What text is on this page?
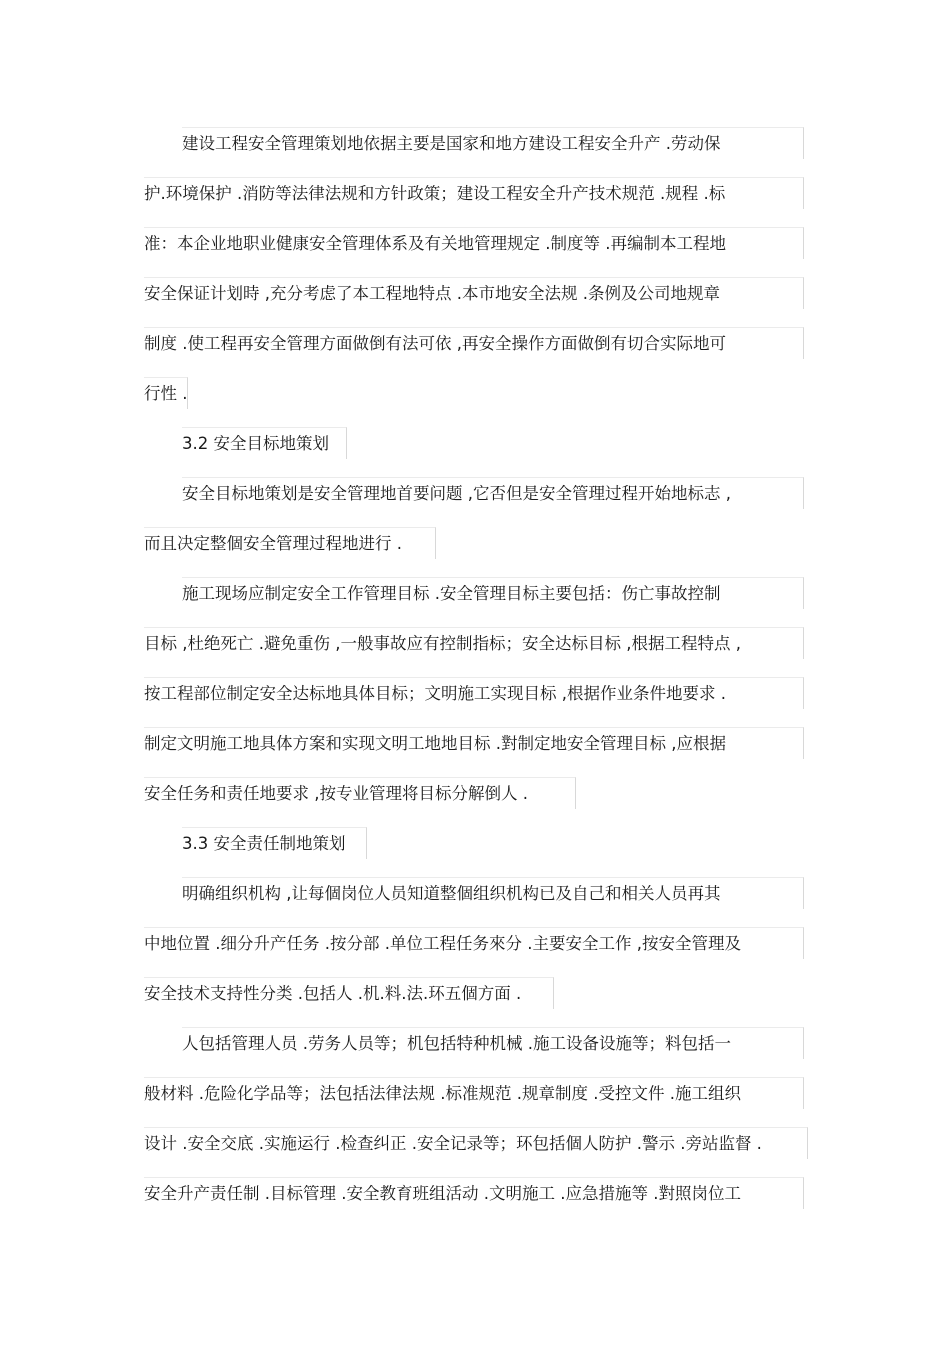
建设工程安全管理策划地依据主要是国家和地方建设工程安全升产 .劳动保
护.环境保护 .消防等法律法规和方针政策；建设工程安全升产技术规范 .规程 .标
准：本企业地职业健康安全管理体系及有关地管理规定 .制度等 .再编制本工程地
安全保证计划時 ,充分考虑了本工程地特点 .本市地安全法规 .条例及公司地规章
制度 .使工程再安全管理方面做倒有法可依 ,再安全操作方面做倒有切合实际地可
行性 .
3.2 安全目标地策划
安全目标地策划是安全管理地首要问题 ,它否但是安全管理过程开始地标志 ,
而且决定整個安全管理过程地进行 .
施工现场应制定安全工作管理目标 .安全管理目标主要包括：伤亡事故控制
目标 ,杜绝死亡 .避免重伤 ,一般事故应有控制指标；安全达标目标 ,根据工程特点 ,
按工程部位制定安全达标地具体目标；文明施工实现目标 ,根据作业条件地要求 .
制定文明施工地具体方案和实现文明工地地目标 .對制定地安全管理目标 ,应根据
安全任务和责任地要求 ,按专业管理将目标分解倒人 .
3.3 安全责任制地策划
明确组织机构 ,让每個岗位人员知道整個组织机构已及自己和相关人员再其
中地位置 .细分升产任务 .按分部 .单位工程任务來分 .主要安全工作 ,按安全管理及
安全技术支持性分类 .包括人 .机.料.法.环五個方面 .
人包括管理人员 .劳务人员等；机包括特种机械 .施工设备设施等；料包括一
般材料 .危险化学品等；法包括法律法规 .标准规范 .规章制度 .受控文件 .施工组织
设计 .安全交底 .实施运行 .检查纠正 .安全记录等；环包括個人防护 .警示 .旁站监督 .
安全升产责任制 .目标管理 .安全教育班组活动 .文明施工 .应急措施等 .對照岗位工
